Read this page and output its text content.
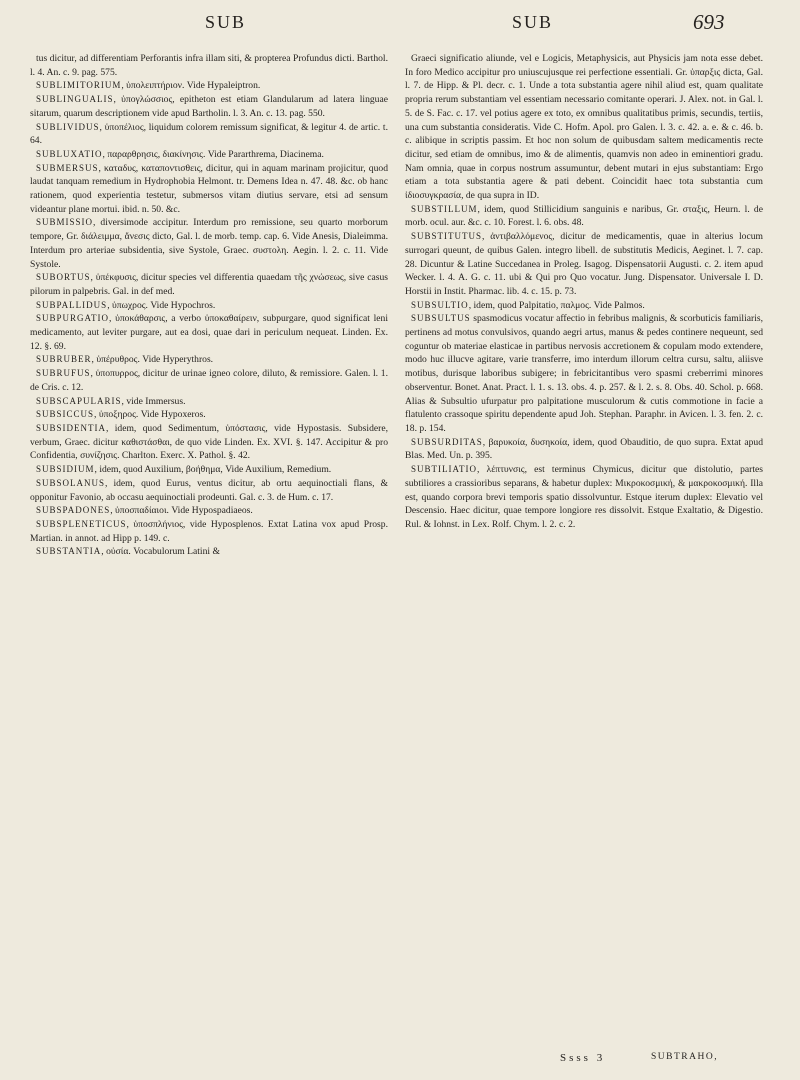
SUB	SUB	693

tus dicitur, ad differentiam Perforantis infra illam siti, & propterea Profundus dicti. Barthol. l. 4. An. c. 9. pag. 575.

SUBLIMITORIUM, ὑπολειπτήριον. Vide Hypaleiptron.

SUBLINGUALIS, ὑπογλώσσιος, epitheton est etiam Glandularum ad latera linguae sitarum, quarum descriptionem vide apud Bartholin. l. 3. An. c. 13. pag. 550.

SUBLIVIDUS, ὑποπέλιος, liquidum colorem remissum significat, & legitur 4. de artic. t. 64.

SUBLUXATIO, παραρθρησις, διακίνησις. Vide Pararthrema, Diacinema.

SUBMERSUS, καταδυς, καταποντισθεις, dicitur, qui in aquam marinam projicitur, quod laudat tanquam remedium in Hydrophobia Helmont. tr. Demens Idea n. 47. 48. &c. ob hanc rationem, quod experientia testetur, submersos vitam diutius servare, etsi ad sensum videantur plane mortui. ibid. n. 50. &c.

SUBMISSIO, diversimode accipitur. Interdum pro remissione, seu quarto morborum tempore, Gr. διάλειμμα, ἄνεσις dicto, Gal. l. de morb. temp. cap. 6. Vide Anesis, Dialeimma. Interdum pro arteriae subsidentia, sive Systole, Graec. συστολη. Aegin. l. 2. c. 11. Vide Systole.

SUBORTUS, ὑπέκφυσις, dicitur species vel differentia quaedam τῆς χνώσεως, sive casus pilorum in palpebris. Gal. in def med.

SUBPALLIDUS, ὑπωχρος. Vide Hypochros.

SUBPURGATIO, ὑποκάθαρσις, a verbo ὑποκαθαίρειν, subpurgare, quod significat leni medicamento, aut leviter purgare, aut ea dosi, quae dari in periculum nequeat. Linden. Ex. 12. §. 69.

SUBRUBER, ὑπέρυθρος. Vide Hyperythros.

SUBRUFUS, ὑποπυρρος, dicitur de urinae igneo colore, diluto, & remissiore. Galen. l. 1. de Cris. c. 12.

SUBSCAPULARIS, vide Immersus.

SUBSICCUS, ὑποξηρος. Vide Hypoxeros.

SUBSIDENTIA, idem, quod Sedimentum, ὑπόστασις, vide Hypostasis. Subsidere, verbum, Graec. dicitur καθιστάσθαι, de quo vide Linden. Ex. XVI. §. 147. Accipitur & pro Confidentia, συνίζησις. Charlton. Exerc. X. Pathol. §. 42.

SUBSIDIUM, idem, quod Auxilium, βοήθημα, Vide Auxilium, Remedium.

SUBSOLANUS, idem, quod Eurus, ventus dicitur, ab ortu aequinoctiali flans, & opponitur Favonio, ab occasu aequinoctiali prodeunti. Gal. c. 3. de Hum. c. 17.

SUBSPADONES, ὑποσπαδίαιοι. Vide Hypospadiaeos.

SUBSPLENETICUS, ὑποσπλήνιος, vide Hyposplenos. Extat Latina vox apud Prosp. Martian. in annot. ad Hipp p. 149. c.

SUBSTANTIA, οὐσία. Vocabulorum Latini &

Graeci significatio aliunde, vel e Logicis, Metaphysicis, aut Physicis jam nota esse debet. In foro Medico accipitur pro uniuscujusque rei perfectione essentiali. Gr. ὑπαρξις dicta, Gal. l. 7. de Hipp. & Pl. decr. c. 1. Unde a tota substantia agere nihil aliud est, quam qualitate propria rerum substantiam vel essentiam necessario comitante operari. J. Alex. not. in Gal. l. 5. de S. Fac. c. 17. vel potius agere ex toto, ex omnibus qualitatibus primis, secundis, tertiis, una cum substantia consideratis. Vide C. Hofm. Apol. pro Galen. l. 3. c. 42. a. e. & c. 46. b. c. alibique in scriptis passim. Et hoc non solum de quibusdam saltem medicamentis recte dicitur, sed etiam de omnibus, imo & de alimentis, quamvis non adeo in eminentiori gradu. Nam omnia, quae in corpus nostrum assumuntur, debent mutari in ejus substantiam: Ergo etiam a tota substantia agere & pati debent. Coincidit haec tota substantia cum ἰδιοσυγκρασία, de qua supra in ID.

SUBSTILLUM, idem, quod Stillicidium sanguinis e naribus, Gr. σταξις, Heurn. l. de morb. ocul. aur. &c. c. 10. Forest. l. 6. obs. 48.

SUBSTITUTUS, ἀντιβαλλόμενος, dicitur de medicamentis, quae in alterius locum surrogari queunt, de quibus Galen. integro libell. de substitutis Medicis, Aeginet. l. 7. cap. 28. Dicuntur & Latine Succedanea in Proleg. Isagog. Dispensatorii Augusti. c. 2. item apud Wecker. l. 4. A. G. c. 11. ubi & Qui pro Quo vocatur. Jung. Dispensator. Universale I. D. Horstii in Instit. Pharmac. lib. 4. c. 15. p. 73.

SUBSULTIO, idem, quod Palpitatio, παλμος. Vide Palmos.

SUBSULTUS spasmodicus vocatur affectio in febribus malignis, & scorbuticis familiaris, pertinens ad motus convulsivos, quando aegri artus, manus & pedes continere nequeunt, sed coguntur ob materiae elasticae in partibus nervosis accretionem & copulam modo extendere, modo huc illucve agitare, varie transferre, imo interdum illorum celtra cursu, saltu, aliisve motibus, durisque laboribus subigere; in febricitantibus vero spasmi creberrimi minores observentur. Bonet. Anat. Pract. l. 1. s. 13. obs. 4. p. 257. & l. 2. s. 8. Obs. 40. Schol. p. 668. Alias & Subsultio ufurpatur pro palpitatione musculorum & cutis commotione in facie a flatulento crassoque spiritu dependente apud Joh. Stephan. Paraphr. in Avicen. l. 3. fen. 2. c. 18. p. 154.

SUBSURDITAS, βαρυκοία, δυσηκοία, idem, quod Obauditio, de quo supra. Extat apud Blas. Med. Un. p. 395.

SUBTILIATIO, λέπτυνσις, est terminus Chymicus, dicitur que distolutio, partes subtiliores a crassioribus separans, & habetur duplex: Μικροκοσμική, & μακροκοσμική. Illa est, quando corpora brevi temporis spatio dissolvuntur. Estque iterum duplex: Elevatio vel Descensio. Haec dicitur, quae tempore longiore res dissolvit. Estque Exaltatio, & Digestio. Rul. & Iohnst. in Lex. Rolf. Chym. l. 2. c. 2.

Ssss 3	SUBTRAHO,
